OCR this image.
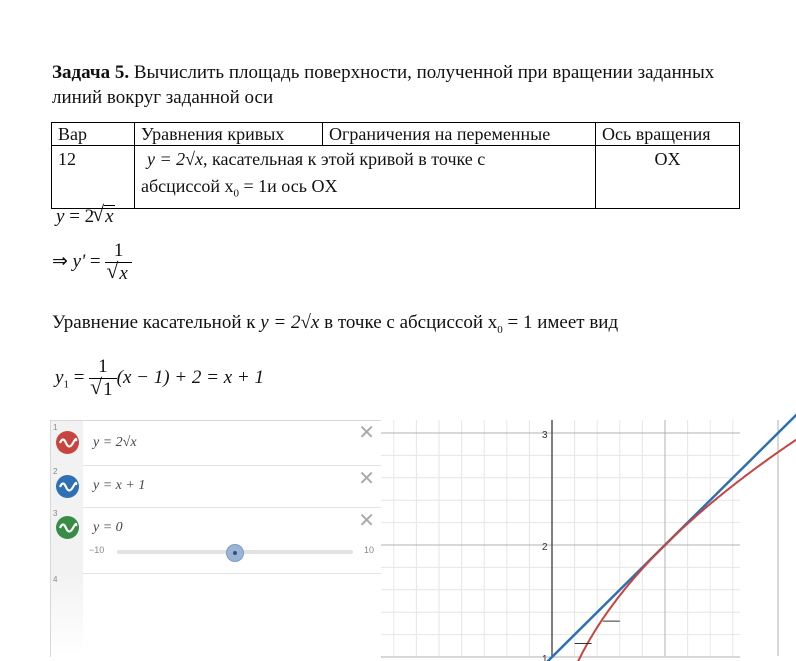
Задача 5. Вычислить площадь поверхности, полученной при вращении заданных линий вокруг заданной оси
Вар	Уравнения кривых	Ограничения на переменные	Ось вращения
12	y = 2√x, касательная к этой кривой в точке с
абсциссой $x_0 = 1и$ ось OX		OX
y = 2 √ x
⇒ y' = 1
√ x
Уравнение касательной к y = 2√x в точке с абсциссой $x_0 = 1$ имеет вид
$y_1 = 1$
√ 1 (x − 1) + 2 = x + 1
1
y = 2√x	✕
2
y = x + 1	✕
3
y = 0	✕
−10	10
4
3
2
1
